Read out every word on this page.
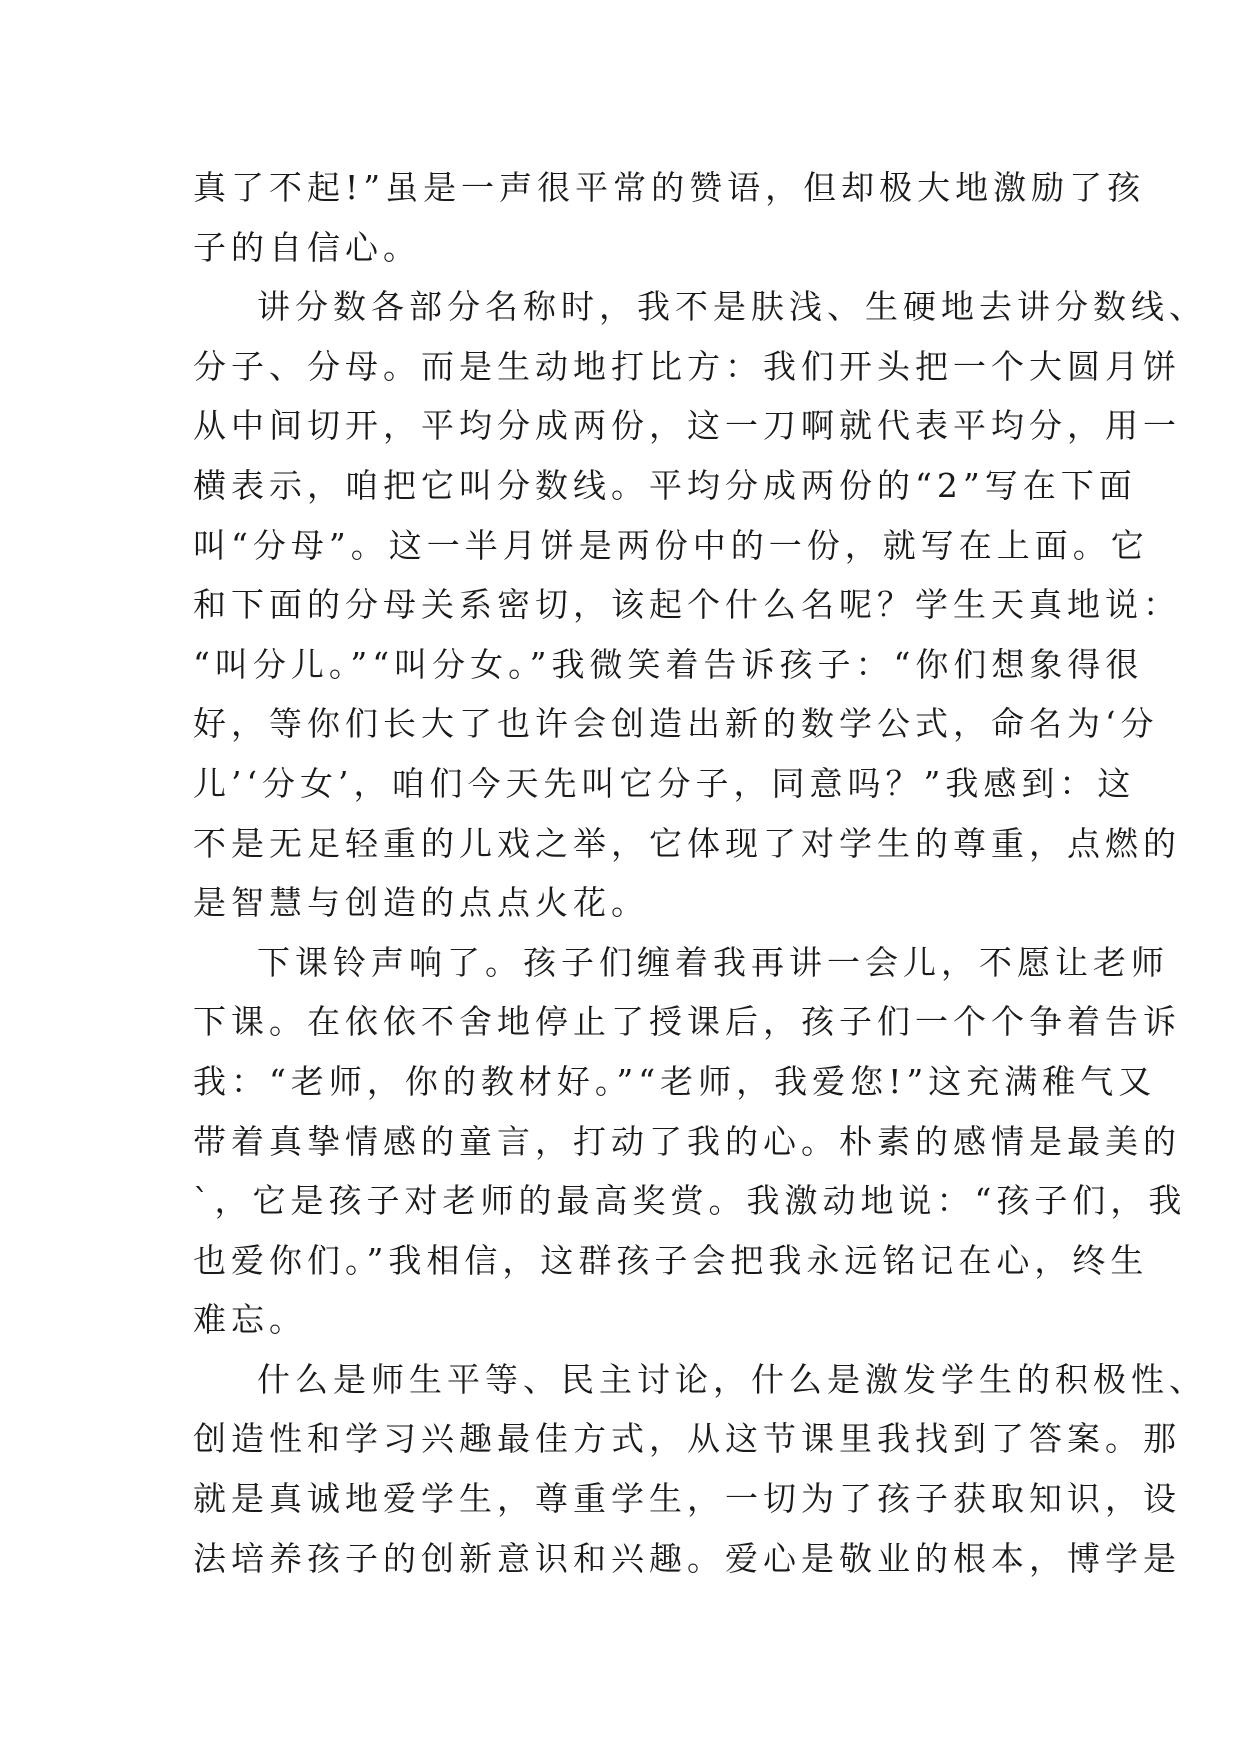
真了不起!”虽是一声很平常的赞语，但却极大地激励了孩
子的自信心。
讲分数各部分名称时，我不是肤浅、生硬地去讲分数线、
分子、分母。而是生动地打比方：我们开头把一个大圆月饼
从中间切开，平均分成两份，这一刀啊就代表平均分，用一
横表示，咱把它叫分数线。平均分成两份的“2”写在下面
叫“分母”。这一半月饼是两份中的一份，就写在上面。它
和下面的分母关系密切，该起个什么名呢？学生天真地说：
“叫分儿。”“叫分女。”我微笑着告诉孩子：“你们想象得很
好，等你们长大了也许会创造出新的数学公式，命名为‘分
儿’‘分女’，咱们今天先叫它分子，同意吗？”我感到：这
不是无足轻重的儿戏之举，它体现了对学生的尊重，点燃的
是智慧与创造的点点火花。
下课铃声响了。孩子们缠着我再讲一会儿，不愿让老师
下课。在依依不舍地停止了授课后，孩子们一个个争着告诉
我：“老师，你的教材好。”“老师，我爱您!”这充满稚气又
带着真挚情感的童言，打动了我的心。朴素的感情是最美的
`，它是孩子对老师的最高奖赏。我激动地说：“孩子们，我
也爱你们。”我相信，这群孩子会把我永远铭记在心，终生
难忘。
什么是师生平等、民主讨论，什么是激发学生的积极性、
创造性和学习兴趣最佳方式，从这节课里我找到了答案。那
就是真诚地爱学生，尊重学生，一切为了孩子获取知识，设
法培养孩子的创新意识和兴趣。爱心是敬业的根本，博学是
